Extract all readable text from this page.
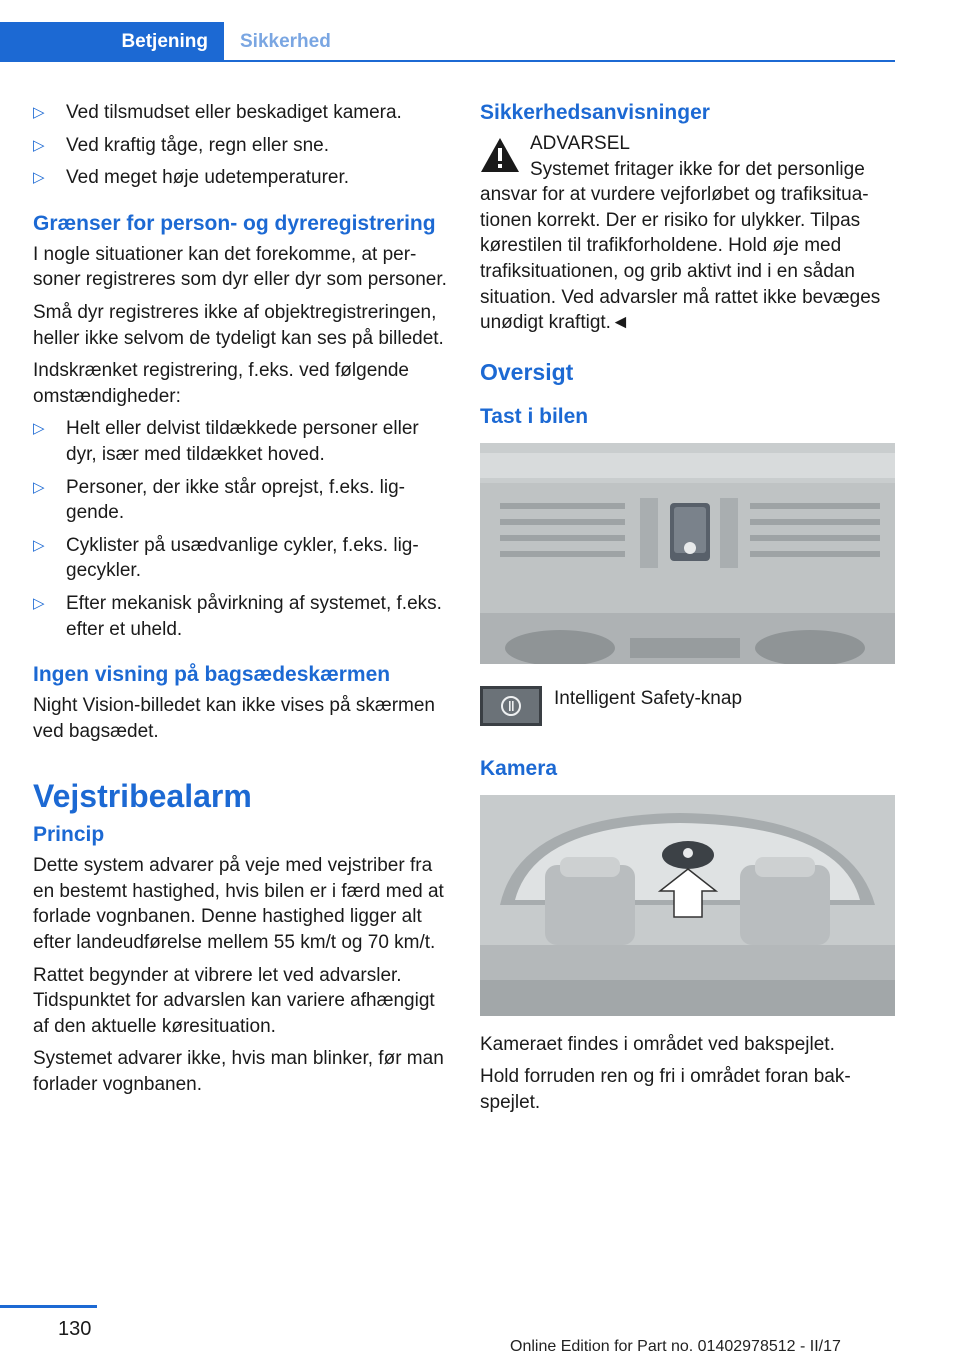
Betjening	Sikkerhed
▷ Ved tilsmudset eller beskadiget kamera.
▷ Ved kraftig tåge, regn eller sne.
▷ Ved meget høje udetemperaturer.
Grænser for person- og dyreregistrering

I nogle situationer kan det forekomme, at personer registreres som dyr eller dyr som personer.

Små dyr registreres ikke af objektregistreringen, heller ikke selvom de tydeligt kan ses på billedet.

Indskrænket registrering, f.eks. ved følgende omstændigheder:

▷ Helt eller delvist tildækkede personer eller dyr, især med tildækket hoved.
▷ Personer, der ikke står oprejst, f.eks. liggende.
▷ Cyklister på usædvanlige cykler, f.eks. liggecykler.
▷ Efter mekanisk påvirkning af systemet, f.eks. efter et uheld.
Ingen visning på bagsædeskærmen

Night Vision-billedet kan ikke vises på skærmen ved bagsædet.

Vejstribealarm
Princip

Dette system advarer på veje med vejstriber fra en bestemt hastighed, hvis bilen er i færd med at forlade vognbanen. Denne hastighed ligger alt efter landeudførelse mellem 55 km/t og 70 km/t.

Rattet begynder at vibrere let ved advarsler. Tidspunktet for advarslen kan variere afhængigt af den aktuelle køresituation.

Systemet advarer ikke, hvis man blinker, før man forlader vognbanen.

Sikkerhedsanvisninger
ADVARSEL

Systemet fritager ikke for det personlige ansvar for at vurdere vejforløbet og trafiksituationen korrekt. Der er risiko for ulykker. Tilpas kørestilen til trafikforholdene. Hold øje med trafiksituationen, og grib aktivt ind i en sådan situation. Ved advarsler må rattet ikke bevæges unødigt kraftigt.◄

Oversigt
Tast i bilen
Intelligent Safety-knap
Kamera

Kameraet findes i området ved bakspejlet.

Hold forruden ren og fri i området foran bakspejlet.

130
Online Edition for Part no. 01402978512 - II/17
